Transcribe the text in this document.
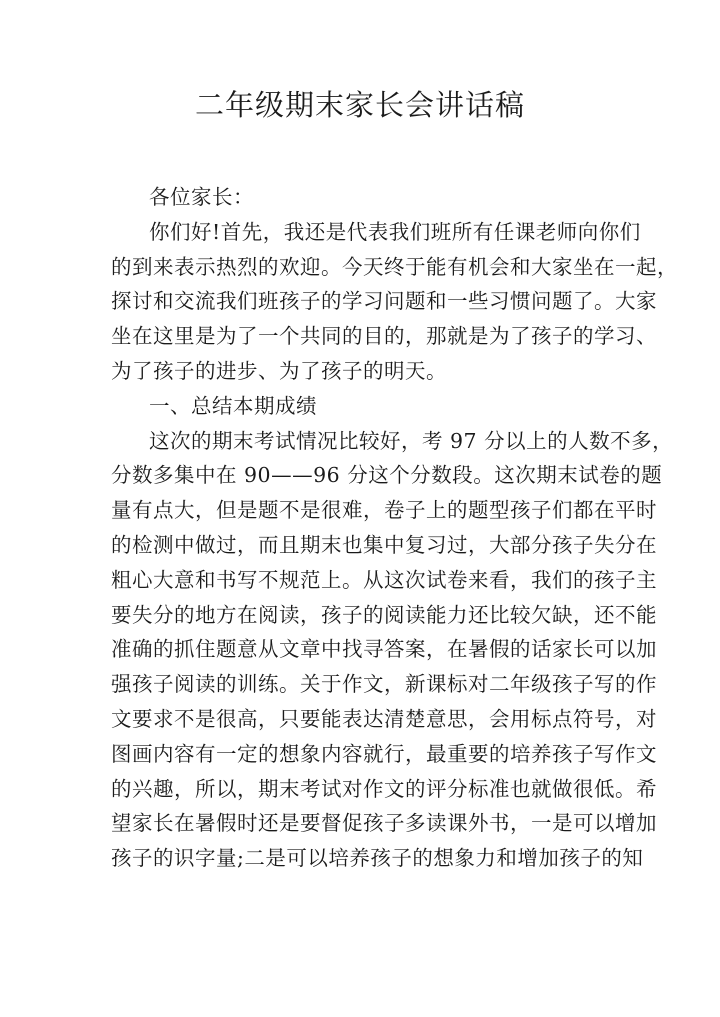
二年级期末家长会讲话稿
各位家长：
你们好!首先，我还是代表我们班所有任课老师向你们
的到来表示热烈的欢迎。今天终于能有机会和大家坐在一起，
探讨和交流我们班孩子的学习问题和一些习惯问题了。大家
坐在这里是为了一个共同的目的，那就是为了孩子的学习、
为了孩子的进步、为了孩子的明天。
一、总结本期成绩
这次的期末考试情况比较好，考 97 分以上的人数不多，
分数多集中在 90——96 分这个分数段。这次期末试卷的题
量有点大，但是题不是很难，卷子上的题型孩子们都在平时
的检测中做过，而且期末也集中复习过，大部分孩子失分在
粗心大意和书写不规范上。从这次试卷来看，我们的孩子主
要失分的地方在阅读，孩子的阅读能力还比较欠缺，还不能
准确的抓住题意从文章中找寻答案，在暑假的话家长可以加
强孩子阅读的训练。关于作文，新课标对二年级孩子写的作
文要求不是很高，只要能表达清楚意思，会用标点符号，对
图画内容有一定的想象内容就行，最重要的培养孩子写作文
的兴趣，所以，期末考试对作文的评分标准也就做很低。希
望家长在暑假时还是要督促孩子多读课外书，一是可以增加
孩子的识字量;二是可以培养孩子的想象力和增加孩子的知
